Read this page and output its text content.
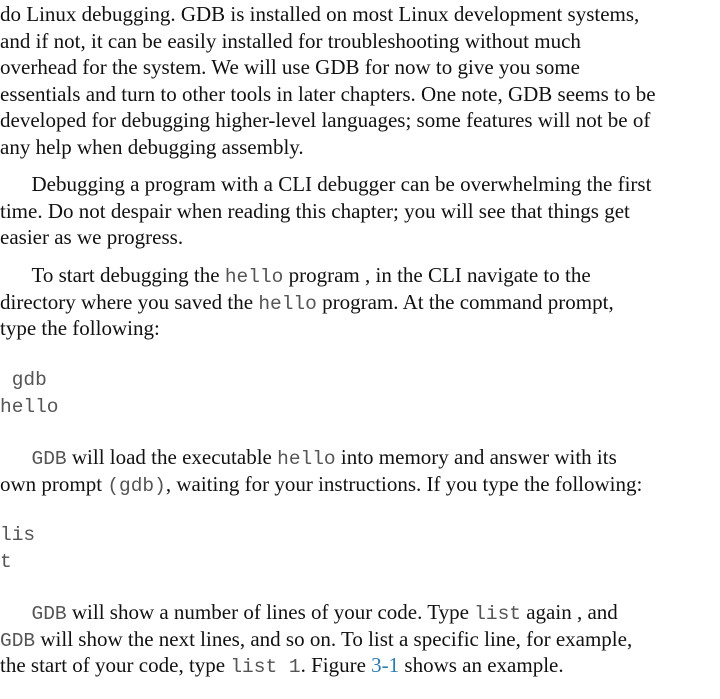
do Linux debugging. GDB is installed on most Linux development systems,
and if not, it can be easily installed for troubleshooting without much
overhead for the system. We will use GDB for now to give you some
essentials and turn to other tools in later chapters. One note, GDB seems to be
developed for debugging higher-level languages; some features will not be of
any help when debugging assembly.

  Debugging a program with a CLI debugger can be overwhelming the first
time. Do not despair when reading this chapter; you will see that things get
easier as we progress.

  To start debugging the hello program , in the CLI navigate to the
directory where you saved the hello program. At the command prompt,
type the following:

gdb
hello

  GDB will load the executable hello into memory and answer with its
own prompt (gdb), waiting for your instructions. If you type the following:

lis
t

  GDB will show a number of lines of your code. Type list again , and
GDB will show the next lines, and so on. To list a specific line, for example,
the start of your code, type list 1. Figure 3-1 shows an example.
